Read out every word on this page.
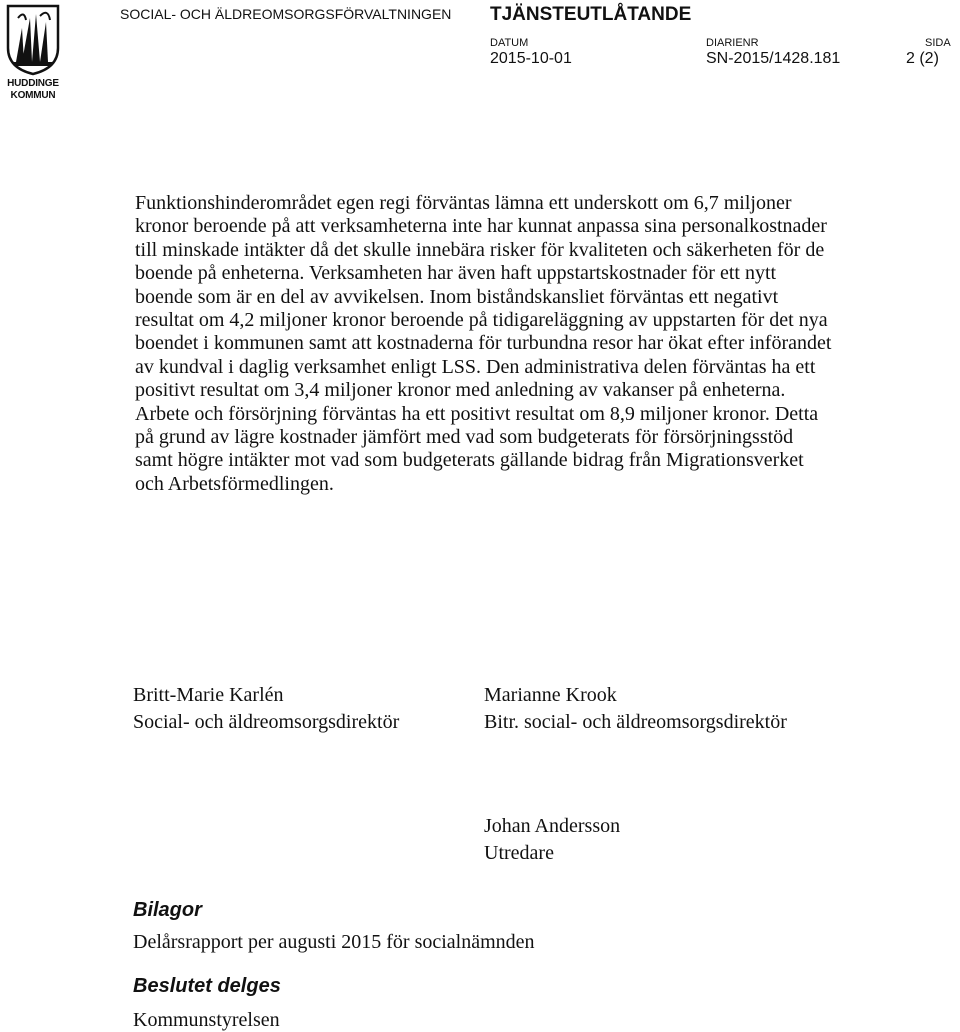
HUDDINGE
KOMMUN
SOCIAL- OCH ÄLDREOMSORGSFÖRVALTNINGEN TJÄNSTEUTLÅTANDE
DATUM
2015-10-01
DIARIENR
SN-2015/1428.181
SIDA
2 (2)
Funktionshinderområdet egen regi förväntas lämna ett underskott om 6,7 miljoner kronor beroende på att verksamheterna inte har kunnat anpassa sina personalkostnader till minskade intäkter då det skulle innebära risker för kvaliteten och säkerheten för de boende på enheterna. Verksamheten har även haft uppstartskostnader för ett nytt boende som är en del av avvikelsen. Inom biståndskansliet förväntas ett negativt resultat om 4,2 miljoner kronor beroende på tidigareläggning av uppstarten för det nya boendet i kommunen samt att kostnaderna för turbundna resor har ökat efter införandet av kundval i daglig verksamhet enligt LSS. Den administrativa delen förväntas ha ett positivt resultat om 3,4 miljoner kronor med anledning av vakanser på enheterna. Arbete och försörjning förväntas ha ett positivt resultat om 8,9 miljoner kronor. Detta på grund av lägre kostnader jämfört med vad som budgeterats för försörjningsstöd samt högre intäkter mot vad som budgeterats gällande bidrag från Migrationsverket och Arbetsförmedlingen.
Britt-Marie Karlén
Social- och äldreomsorgsdirektör
Marianne Krook
Bitr. social- och äldreomsorgsdirektör
Johan Andersson
Utredare
Bilagor
Delårsrapport per augusti 2015 för socialnämnden
Beslutet delges
Kommunstyrelsen
